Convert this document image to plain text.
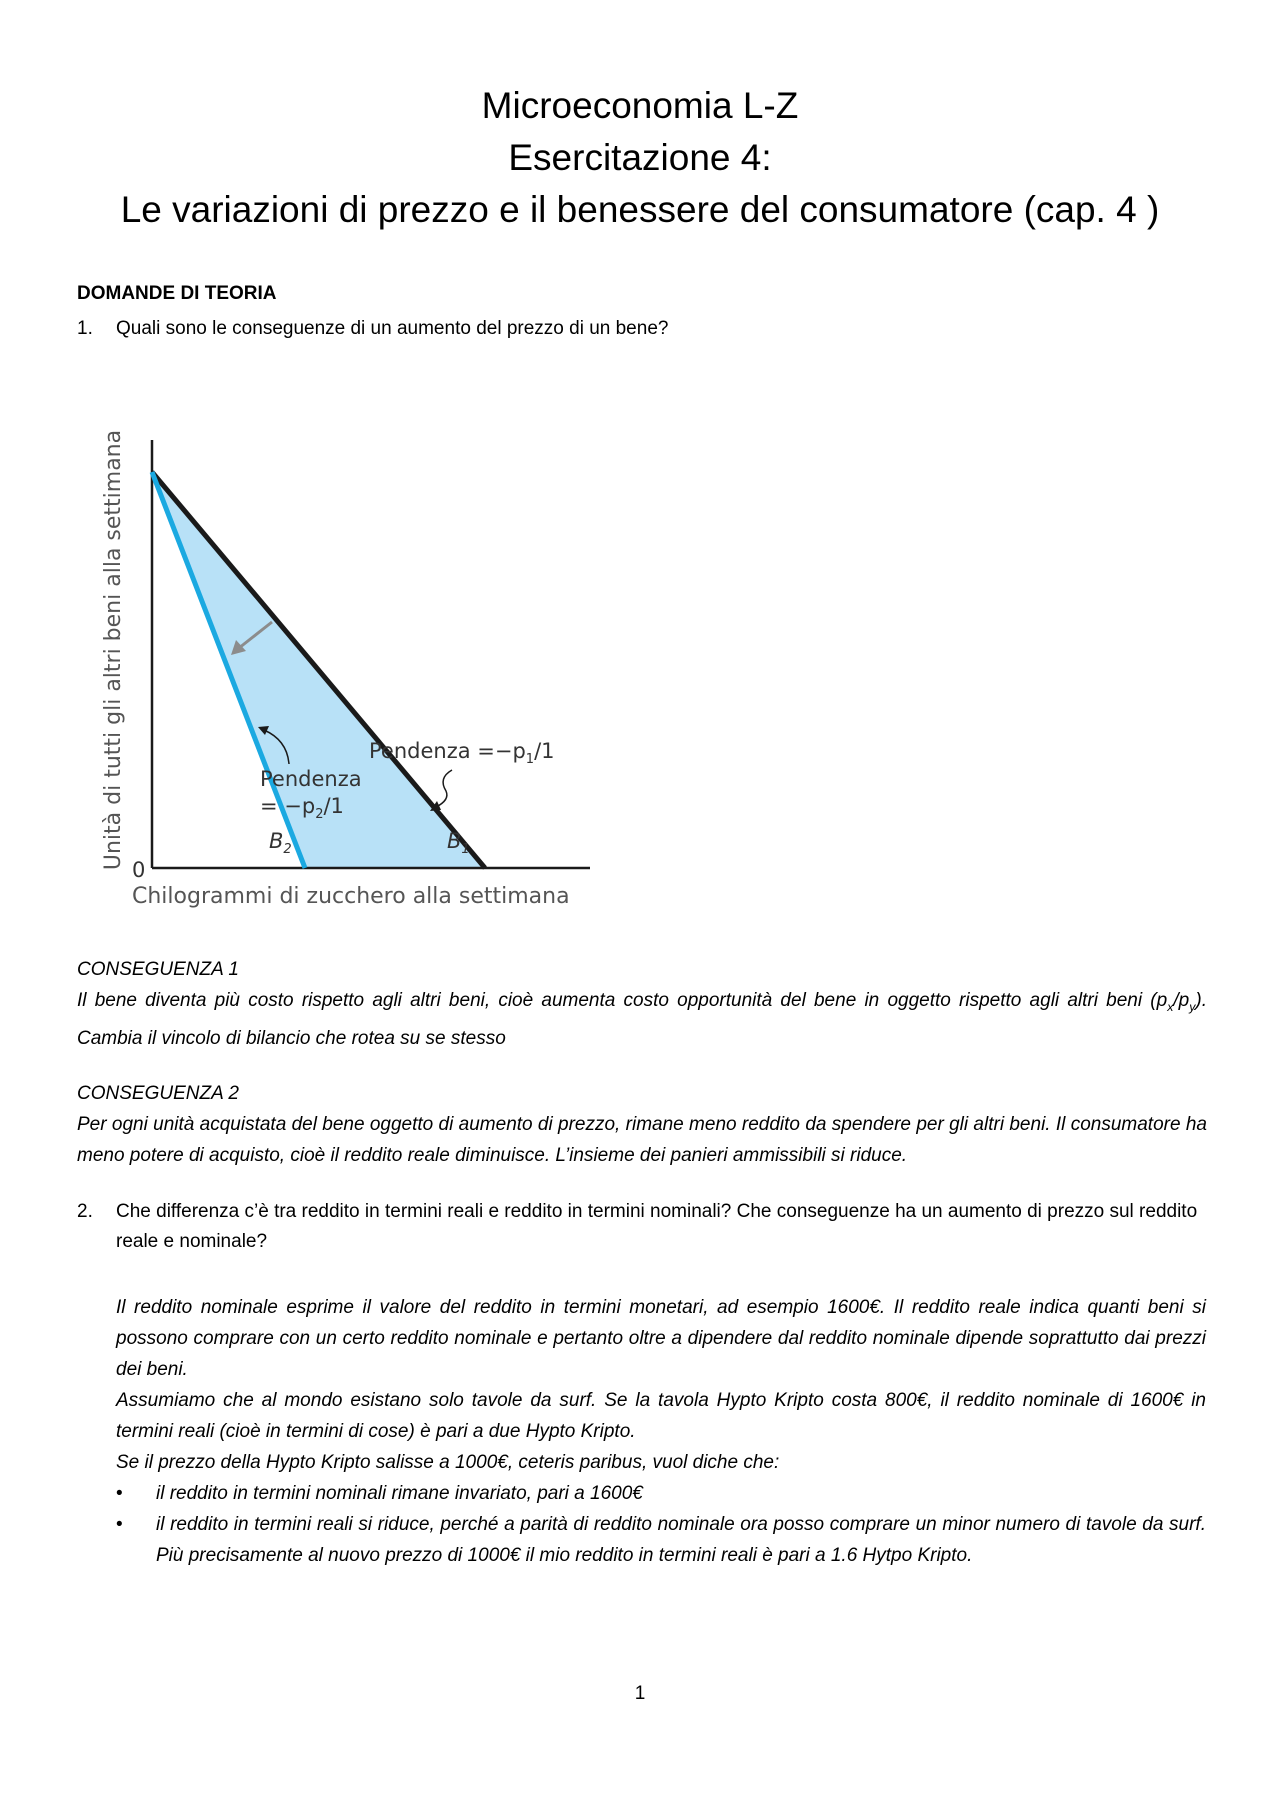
Microeconomia L-Z
Esercitazione 4:
Le variazioni di prezzo e il benessere del consumatore (cap. 4 )
DOMANDE DI TEORIA
1. Quali sono le conseguenze di un aumento del prezzo di un bene?
Unità di tutti gli altri beni alla settimana
Chilogrammi di zucchero alla settimana
0
Pendenza $=-p_1/1$
Pendenza
= $-p_2/1$
$B_2$	$B_1$
CONSEGUENZA 1
Il bene diventa più costo rispetto agli altri beni, cioè aumenta costo opportunità del bene in oggetto rispetto agli altri beni $(p_x/p_y)$. Cambia il vincolo di bilancio che rotea su se stesso
CONSEGUENZA 2
Per ogni unità acquistata del bene oggetto di aumento di prezzo, rimane meno reddito da spendere per gli altri beni. Il consumatore ha meno potere di acquisto, cioè il reddito reale diminuisce. L’insieme dei panieri ammissibili si riduce.
2. Che differenza c’è tra reddito in termini reali e reddito in termini nominali? Che conseguenze ha un aumento di prezzo sul reddito reale e nominale?
Il reddito nominale esprime il valore del reddito in termini monetari, ad esempio 1600€. Il reddito reale indica quanti beni si possono comprare con un certo reddito nominale e pertanto oltre a dipendere dal reddito nominale dipende soprattutto dai prezzi dei beni.
Assumiamo che al mondo esistano solo tavole da surf. Se la tavola Hypto Kripto costa 800€, il reddito nominale di 1600€ in termini reali (cioè in termini di cose) è pari a due Hypto Kripto.
Se il prezzo della Hypto Kripto salisse a 1000€, ceteris paribus, vuol diche che:
• il reddito in termini nominali rimane invariato, pari a 1600€
• il reddito in termini reali si riduce, perché a parità di reddito nominale ora posso comprare un minor numero di tavole da surf. Più precisamente al nuovo prezzo di 1000€ il mio reddito in termini reali è pari a 1.6 Hytpo Kripto.
1
